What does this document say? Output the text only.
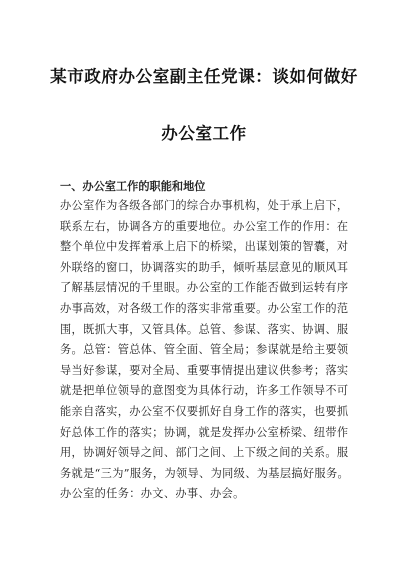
某市政府办公室副主任党课：谈如何做好
办公室工作
一、办公室工作的职能和地位
办公室作为各级各部门的综合办事机构，处于承上启下，
联系左右，协调各方的重要地位。办公室工作的作用：在
整个单位中发挥着承上启下的桥梁，出谋划策的智囊，对
外联络的窗口，协调落实的助手，倾听基层意见的顺风耳
了解基层情况的千里眼。办公室的工作能否做到运转有序
办事高效，对各级工作的落实非常重要。办公室工作的范
围，既抓大事，又管具体。总管、参谋、落实、协调、服
务。总管：管总体、管全面、管全局；参谋就是给主要领
导当好参谋，要对全局、重要事情提出建议供参考；落实
就是把单位领导的意图变为具体行动，许多工作领导不可
能亲自落实，办公室不仅要抓好自身工作的落实，也要抓
好总体工作的落实；协调，就是发挥办公室桥梁、纽带作
用，协调好领导之间、部门之间、上下级之间的关系。服
务就是“三为”服务，为领导、为同级、为基层搞好服务。
办公室的任务：办文、办事、办会。
